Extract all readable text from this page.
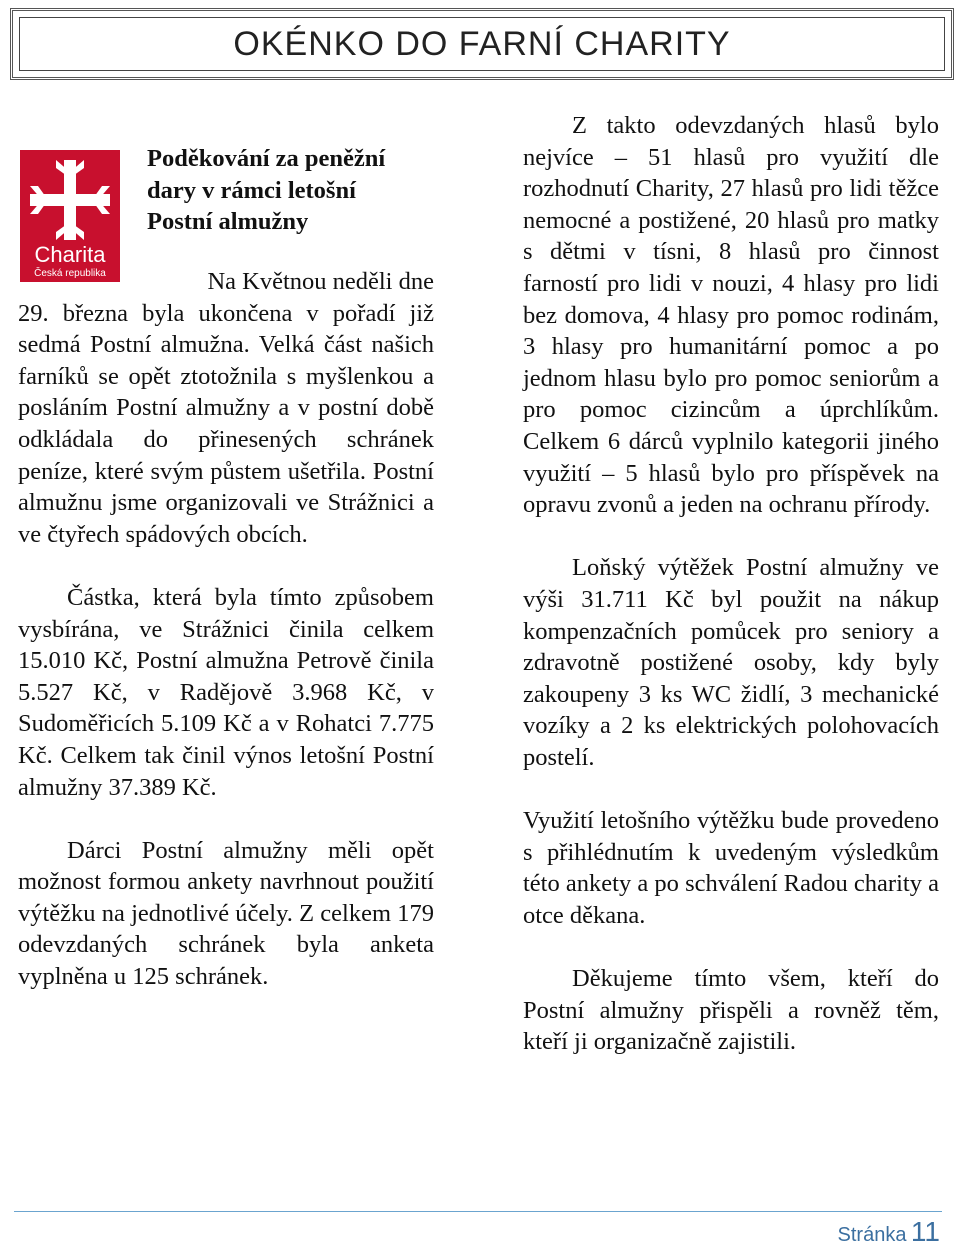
OKÉNKO DO FARNÍ CHARITY
Charita
Česká republika
Poděkování za peněžní
dary v rámci letošní
Postní almužny

Na Květnou neděli dne

29. března byla ukončena v pořadí již sedmá Postní almužna. Velká část našich farníků se opět ztotožnila s myšlenkou a posláním Postní almužny a v postní době odkládala do přinesených schránek peníze, které svým půstem ušetřila. Postní almužnu jsme organizovali ve Strážnici a ve čtyřech spádových obcích.

Částka, která byla tímto způsobem vysbírána, ve Strážnici činila celkem 15.010 Kč, Postní almužna Petrově činila 5.527 Kč, v Radějově 3.968 Kč, v Sudoměřicích 5.109 Kč a v Rohatci 7.775 Kč. Celkem tak činil výnos letošní Postní almužny 37.389 Kč.

Dárci Postní almužny měli opět možnost formou ankety navrhnout použití výtěžku na jednotlivé účely. Z celkem 179 odevzdaných schránek byla anketa vyplněna u 125 schránek.

Z takto odevzdaných hlasů bylo nejvíce – 51 hlasů pro využití dle rozhodnutí Charity, 27 hlasů pro lidi těžce nemocné a postižené, 20 hlasů pro matky s dětmi v tísni, 8 hlasů pro činnost farností pro lidi v nouzi, 4 hlasy pro lidi bez domova, 4 hlasy pro pomoc rodinám, 3 hlasy pro humanitární pomoc a po jednom hlasu bylo pro pomoc seniorům a pro pomoc cizincům a úprchlíkům. Celkem 6 dárců vyplnilo kategorii jiného využití – 5 hlasů bylo pro příspěvek na opravu zvonů a jeden na ochranu přírody.

Loňský výtěžek Postní almužny ve výši 31.711 Kč byl použit na nákup kompenzačních pomůcek pro seniory a zdravotně postižené osoby, kdy byly zakoupeny 3 ks WC židlí, 3 mechanické vozíky a 2 ks elektrických polohovacích postelí.

Využití letošního výtěžku bude provedeno s přihlédnutím k uvedeným výsledkům této ankety a po schválení Radou charity a otce děkana.

Děkujeme tímto všem, kteří do Postní almužny přispěli a rovněž těm, kteří ji organizačně zajistili.

Stránka 11
